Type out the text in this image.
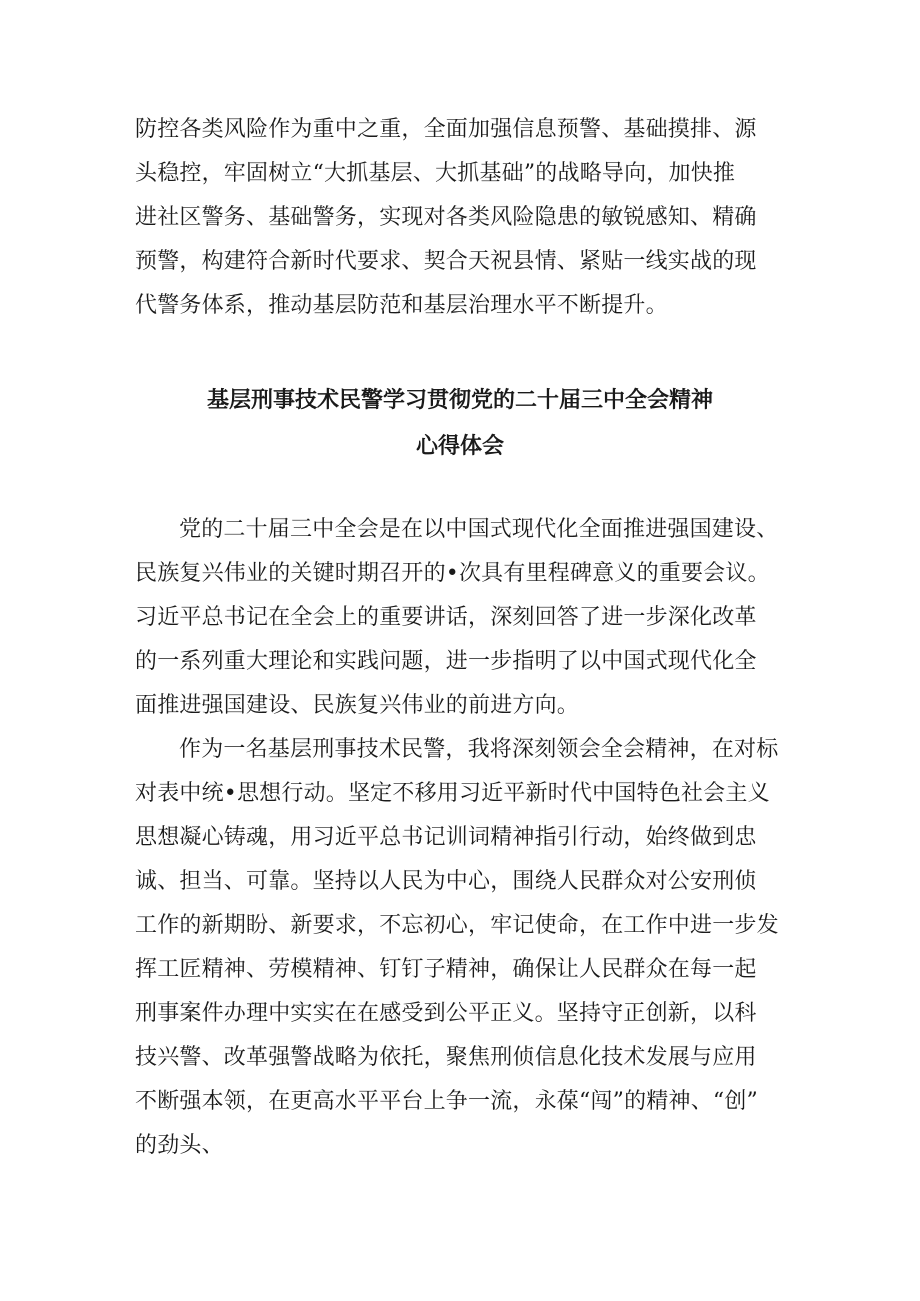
防控各类风险作为重中之重，全面加强信息预警、基础摸排、源
头稳控，牢固树立“大抓基层、大抓基础”的战略导向，加快推
进社区警务、基础警务，实现对各类风险隐患的敏锐感知、精确
预警，构建符合新时代要求、契合天祝县情、紧贴一线实战的现
代警务体系，推动基层防范和基层治理水平不断提升。
基层刑事技术民警学习贯彻党的二十届三中全会精神
心得体会
党的二十届三中全会是在以中国式现代化全面推进强国建设、
民族复兴伟业的关键时期召开的•次具有里程碑意义的重要会议。
习近平总书记在全会上的重要讲话，深刻回答了进一步深化改革
的一系列重大理论和实践问题，进一步指明了以中国式现代化全
面推进强国建设、民族复兴伟业的前进方向。
作为一名基层刑事技术民警，我将深刻领会全会精神，在对标
对表中统•思想行动。坚定不移用习近平新时代中国特色社会主义
思想凝心铸魂，用习近平总书记训词精神指引行动，始终做到忠
诚、担当、可靠。坚持以人民为中心，围绕人民群众对公安刑侦
工作的新期盼、新要求，不忘初心，牢记使命，在工作中进一步发
挥工匠精神、劳模精神、钉钉子精神，确保让人民群众在每一起
刑事案件办理中实实在在感受到公平正义。坚持守正创新，以科
技兴警、改革强警战略为依托，聚焦刑侦信息化技术发展与应用
不断强本领，在更高水平平台上争一流，永葆“闯”的精神、“创”
的劲头、
